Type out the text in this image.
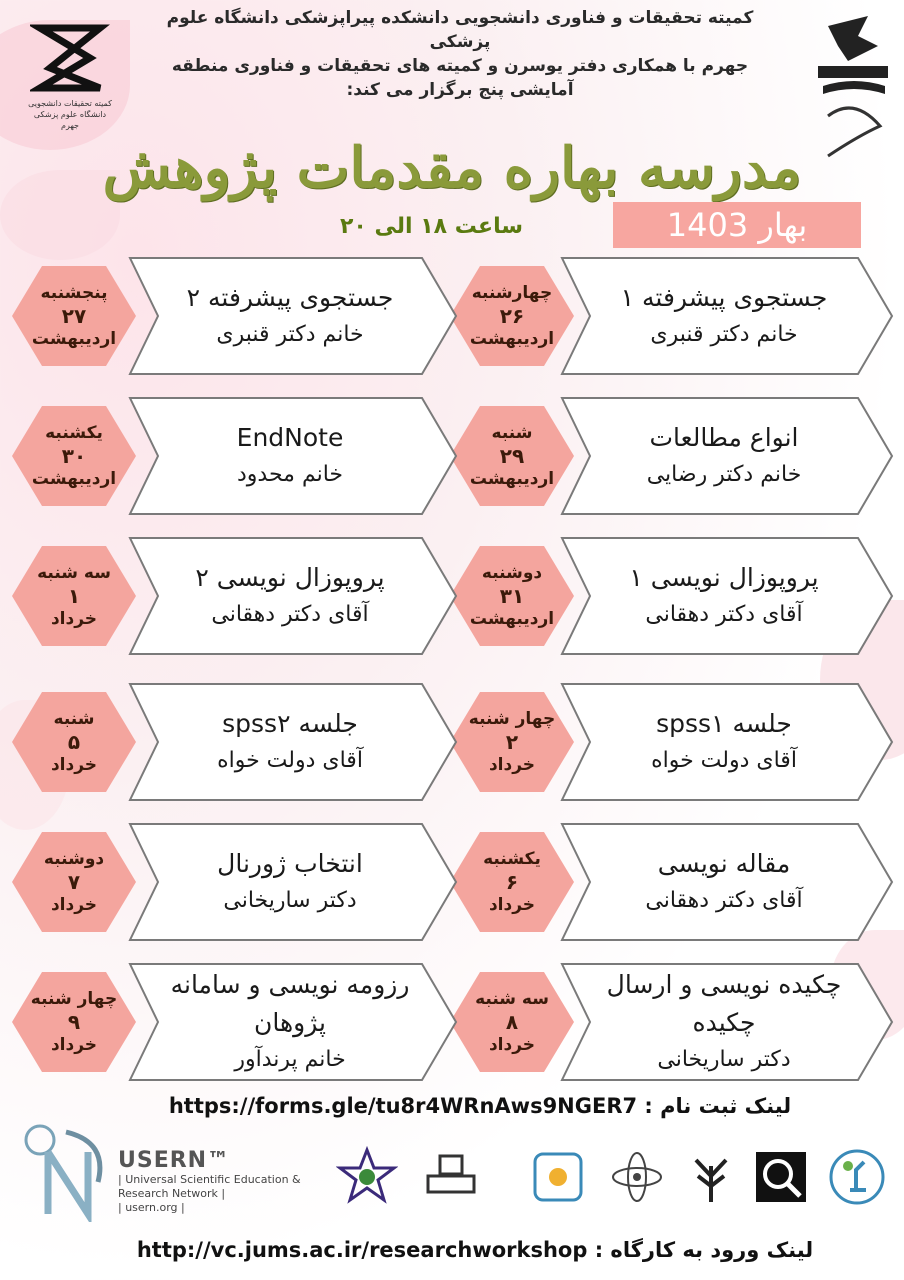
کمیته تحقیقات دانشجویی دانشگاه علوم پزشکی جهرم
کمیته تحقیقات و فناوری دانشجویی دانشکده پیراپزشکی دانشگاه علوم پزشکی
جهرم با همکاری دفتر یوسرن و کمیته های تحقیقات و فناوری منطقه
آمایشی پنج برگزار می کند:
مدرسه بهاره مقدمات پژوهش
ساعت ۱۸ الی ۲۰	بهار 1403
جستجوی پیشرفته ۱
خانم دکتر قنبری
چهارشنبه
۲۶
اردیبهشت
جستجوی پیشرفته ۲
خانم دکتر قنبری
پنجشنبه
۲۷
اردیبهشت
انواع مطالعات
خانم دکتر رضایی
شنبه
۲۹
اردیبهشت
EndNote
خانم محدود
یکشنبه
۳۰
اردیبهشت
پروپوزال نویسی ۱
آقای دکتر دهقانی
دوشنبه
۳۱
اردیبهشت
پروپوزال نویسی ۲
آقای دکتر دهقانی
سه شنبه
۱
خرداد
جلسه spss۱
آقای دولت خواه
چهار شنبه
۲
خرداد
جلسه spss۲
آقای دولت خواه
شنبه
۵
خرداد
مقاله نویسی
آقای دکتر دهقانی
یکشنبه
۶
خرداد
انتخاب ژورنال
دکتر ساریخانی
دوشنبه
۷
خرداد
چکیده نویسی و ارسال چکیده
دکتر ساریخانی
سه شنبه
۸
خرداد
رزومه نویسی و سامانه پژوهان
خانم پرندآور
چهار شنبه
۹
خرداد
لینک ثبت نام : https://forms.gle/tu8r4WRnAws9NGER7
USERN™
| Universal Scientific Education &
Research Network |
| usern.org |
لینک ورود به کارگاه : http://vc.jums.ac.ir/researchworkshop
